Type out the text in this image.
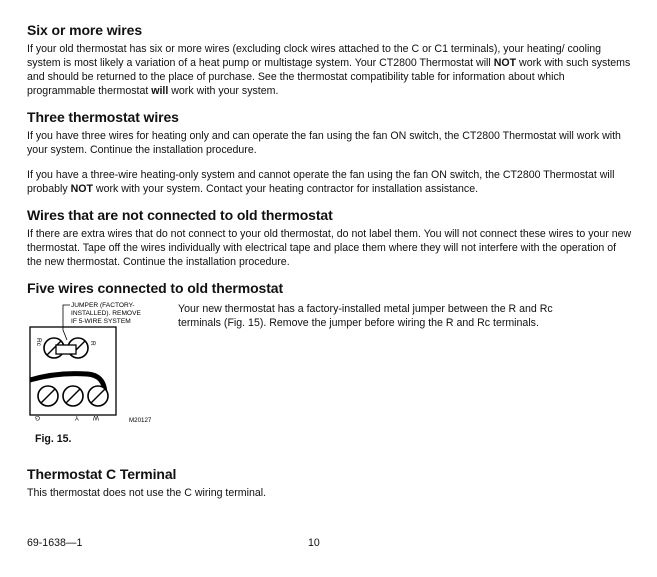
Six or more wires

If your old thermostat has six or more wires (excluding clock wires attached to the C or C1 terminals), your heating/ cooling system is most likely a variation of a heat pump or multistage system. Your CT2800 Thermostat will NOT work with such systems and should be returned to the place of purchase. See the thermostat compatibility table for information about which programmable thermostat will work with your system.

Three thermostat wires

If you have three wires for heating only and can operate the fan using the fan ON switch, the CT2800 Thermostat will work with your system. Continue the installation procedure.

If you have a three-wire heating-only system and cannot operate the fan using the fan ON switch, the CT2800 Thermostat will probably NOT work with your system. Contact your heating contractor for installation assistance.

Wires that are not connected to old thermostat

If there are extra wires that do not connect to your old thermostat, do not label them. You will not connect these wires to your new thermostat. Tape off the wires individually with electrical tape and place them where they will not interfere with the operation of the new thermostat. Continue the installation procedure.

Five wires connected to old thermostat
JUMPER (FACTORY-
INSTALLED). REMOVE
IF 5-WIRE SYSTEM
Rc	R
G	Y W	M20127
Your new thermostat has a factory-installed metal jumper between the R and Rc terminals (Fig. 15). Remove the jumper before wiring the R and Rc terminals.
Fig. 15.
Thermostat C Terminal

This thermostat does not use the C wiring terminal.

69-1638—1	10
